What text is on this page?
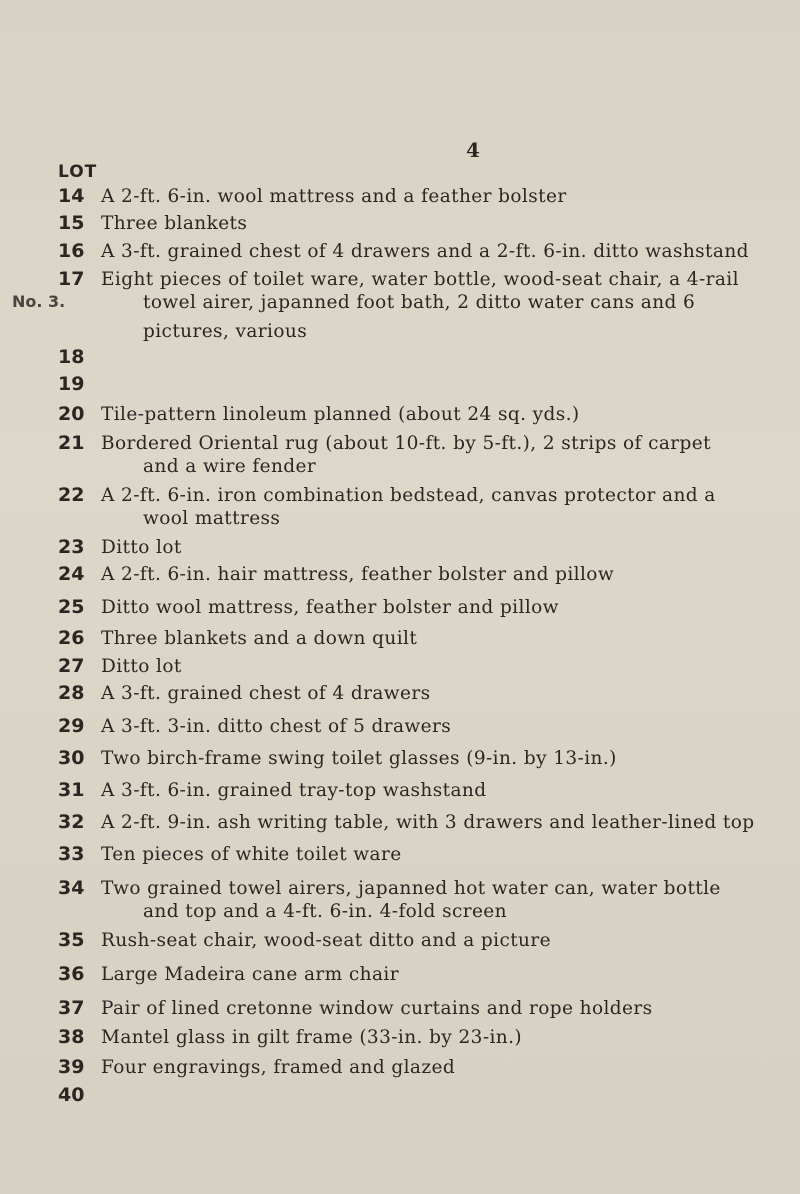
4
LOT
No. 3.
14 A 2-ft. 6-in. wool mattress and a feather bolster
15 Three blankets
16 A 3-ft. grained chest of 4 drawers and a 2-ft. 6-in. ditto washstand
17 Eight pieces of toilet ware, water bottle, wood-seat chair, a 4-rail
towel airer, japanned foot bath, 2 ditto water cans and 6
pictures, various
18
19
20 Tile-pattern linoleum planned (about 24 sq. yds.)
21 Bordered Oriental rug (about 10-ft. by 5-ft.), 2 strips of carpet
and a wire fender
22 A 2-ft. 6-in. iron combination bedstead, canvas protector and a
wool mattress
23 Ditto lot
24 A 2-ft. 6-in. hair mattress, feather bolster and pillow
25 Ditto wool mattress, feather bolster and pillow
26 Three blankets and a down quilt
27 Ditto lot
28 A 3-ft. grained chest of 4 drawers
29 A 3-ft. 3-in. ditto chest of 5 drawers
30 Two birch-frame swing toilet glasses (9-in. by 13-in.)
31 A 3-ft. 6-in. grained tray-top washstand
32 A 2-ft. 9-in. ash writing table, with 3 drawers and leather-lined top
33 Ten pieces of white toilet ware
34 Two grained towel airers, japanned hot water can, water bottle
and top and a 4-ft. 6-in. 4-fold screen
35 Rush-seat chair, wood-seat ditto and a picture
36 Large Madeira cane arm chair
37 Pair of lined cretonne window curtains and rope holders
38 Mantel glass in gilt frame (33-in. by 23-in.)
39 Four engravings, framed and glazed
40
